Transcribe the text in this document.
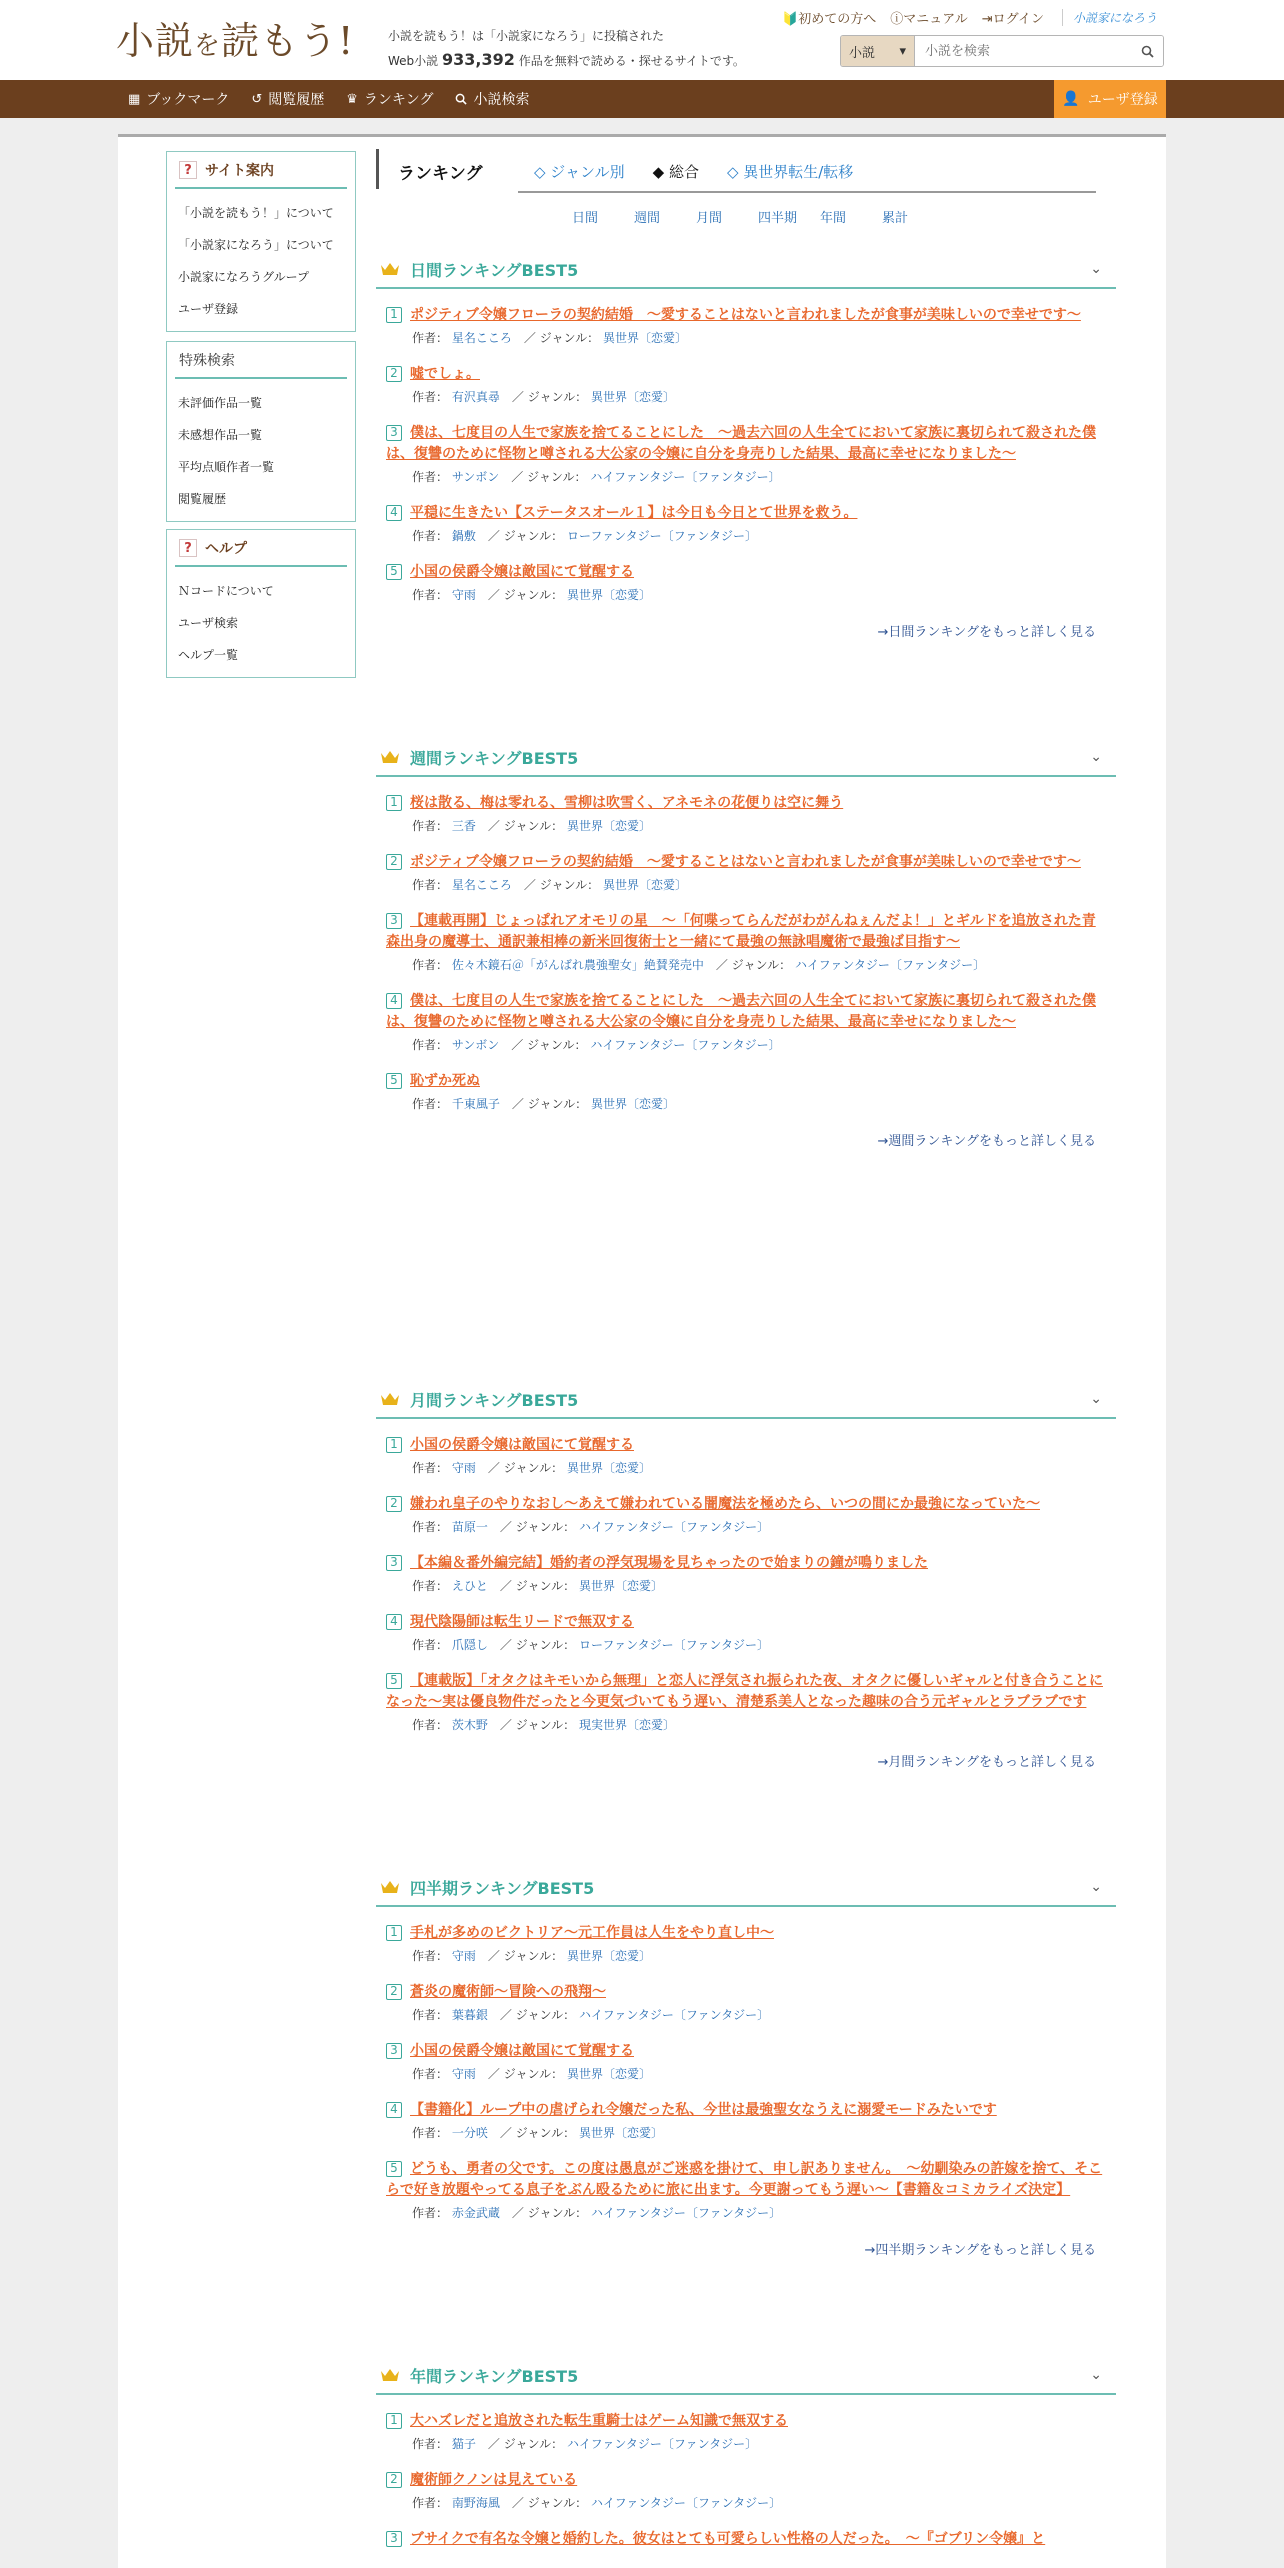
小説を読もう!	小説を読もう！は「小説家になろう」に投稿された
Web小説 933,392 作品を無料で読める・探せるサイトです。
🔰初めての方へ ⓘマニュアル ⇥ログイン	小説家になろう
小説 ▾
小説を検索
▦ ブックマーク ↺ 閲覧履歴 ♛ ランキング	小説検索	👤 ユーザ登録
? サイト案内
「小説を読もう！」について
「小説家になろう」について
小説家になろうグループ
ユーザ登録
特殊検索
未評価作品一覧
未感想作品一覧
平均点順作者一覧
閲覧履歴
? ヘルプ
Ｎコードについて
ユーザ検索
ヘルプ一覧
ランキング	◇ ジャンル別 ◆ 総合 ◇ 異世界転生/転移
日間	週間	月間	四半期	年間	累計
日間ランキングBEST5	⌄
1 ポジティブ令嬢フローラの契約結婚　～愛することはないと言われましたが食事が美味しいので幸せです～
作者： 星名こころ　 ／ ジャンル： 異世界〔恋愛〕
2 嘘でしょ。
作者： 有沢真尋　 ／ ジャンル： 異世界〔恋愛〕
3 僕は、七度目の人生で家族を捨てることにした　～過去六回の人生全てにおいて家族に裏切られて殺された僕は、復讐のために怪物と噂される大公家の令嬢に自分を身売りした結果、最高に幸せになりました～
作者： サンボン　 ／ ジャンル： ハイファンタジー〔ファンタジー〕
4 平穏に生きたい【ステータスオール１】は今日も今日とて世界を救う。
作者： 鍋敷　 ／ ジャンル： ローファンタジー〔ファンタジー〕
5 小国の侯爵令嬢は敵国にて覚醒する
作者： 守雨　 ／ ジャンル： 異世界〔恋愛〕
→日間ランキングをもっと詳しく見る
週間ランキングBEST5	⌄
1 桜は散る、梅は零れる、雪柳は吹雪く、アネモネの花便りは空に舞う
作者： 三香　 ／ ジャンル： 異世界〔恋愛〕
2 ポジティブ令嬢フローラの契約結婚　～愛することはないと言われましたが食事が美味しいので幸せです～
作者： 星名こころ　 ／ ジャンル： 異世界〔恋愛〕
3 【連載再開】じょっぱれアオモリの星　～「何喋ってらんだがわがんねぇんだよ！」とギルドを追放された青森出身の魔導士、通訳兼相棒の新米回復術士と一緒にて最強の無詠唱魔術で最強ば目指す～
作者： 佐々木鏡石＠「がんばれ農強聖女」絶賛発売中　 ／ ジャンル： ハイファンタジー〔ファンタジー〕
4 僕は、七度目の人生で家族を捨てることにした　～過去六回の人生全てにおいて家族に裏切られて殺された僕は、復讐のために怪物と噂される大公家の令嬢に自分を身売りした結果、最高に幸せになりました～
作者： サンボン　 ／ ジャンル： ハイファンタジー〔ファンタジー〕
5 恥ずか死ぬ
作者： 千東風子　 ／ ジャンル： 異世界〔恋愛〕
→週間ランキングをもっと詳しく見る
月間ランキングBEST5	⌄
1 小国の侯爵令嬢は敵国にて覚醒する
作者： 守雨　 ／ ジャンル： 異世界〔恋愛〕
2 嫌われ皇子のやりなおし～あえて嫌われている闇魔法を極めたら、いつの間にか最強になっていた～
作者： 苗原一　 ／ ジャンル： ハイファンタジー〔ファンタジー〕
3 【本編＆番外編完結】婚約者の浮気現場を見ちゃったので始まりの鐘が鳴りました
作者： えひと　 ／ ジャンル： 異世界〔恋愛〕
4 現代陰陽師は転生リードで無双する
作者： 爪隠し　 ／ ジャンル： ローファンタジー〔ファンタジー〕
5 【連載版】「オタクはキモいから無理」と恋人に浮気され振られた夜、オタクに優しいギャルと付き合うことになった～実は優良物件だったと今更気づいてもう遅い、清楚系美人となった趣味の合う元ギャルとラブラブです
作者： 茨木野　 ／ ジャンル： 現実世界〔恋愛〕
→月間ランキングをもっと詳しく見る
四半期ランキングBEST5	⌄
1 手札が多めのビクトリア～元工作員は人生をやり直し中～
作者： 守雨　 ／ ジャンル： 異世界〔恋愛〕
2 蒼炎の魔術師～冒険への飛翔～
作者： 葉暮銀　 ／ ジャンル： ハイファンタジー〔ファンタジー〕
3 小国の侯爵令嬢は敵国にて覚醒する
作者： 守雨　 ／ ジャンル： 異世界〔恋愛〕
4 【書籍化】ループ中の虐げられ令嬢だった私、今世は最強聖女なうえに溺愛モードみたいです
作者： 一分咲　 ／ ジャンル： 異世界〔恋愛〕
5 どうも、勇者の父です。この度は愚息がご迷惑を掛けて、申し訳ありません。　～幼馴染みの許嫁を捨て、そこらで好き放題やってる息子をぶん殴るために旅に出ます。今更謝ってもう遅い～【書籍＆コミカライズ決定】
作者： 赤金武蔵　 ／ ジャンル： ハイファンタジー〔ファンタジー〕
→四半期ランキングをもっと詳しく見る
年間ランキングBEST5	⌄
1 大ハズレだと追放された転生重騎士はゲーム知識で無双する
作者： 猫子　 ／ ジャンル： ハイファンタジー〔ファンタジー〕
2 魔術師クノンは見えている
作者： 南野海風　 ／ ジャンル： ハイファンタジー〔ファンタジー〕
3 ブサイクで有名な令嬢と婚約した。彼女はとても可愛らしい性格の人だった。　～『ゴブリン令嬢』と
